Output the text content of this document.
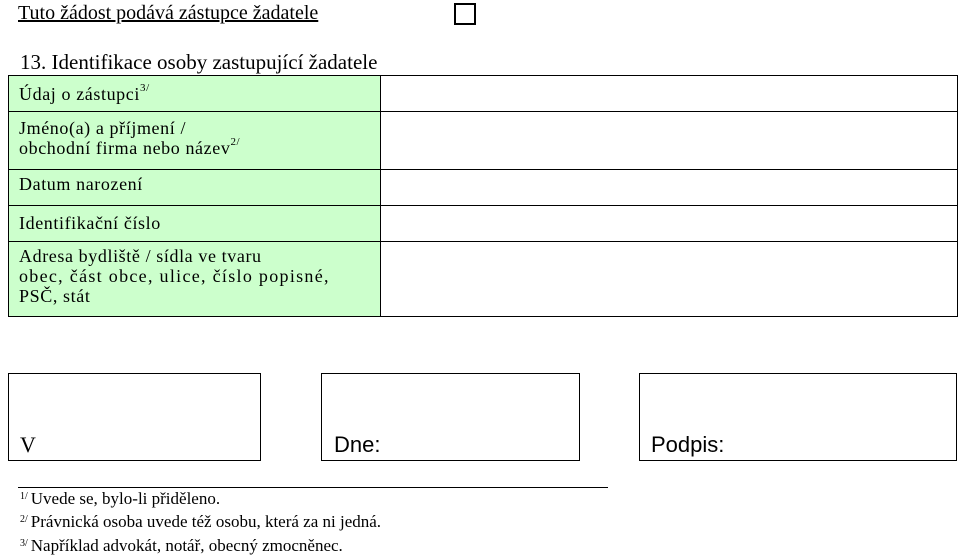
Tuto žádost podává zástupce žadatele
13. Identifikace osoby zastupující žadatele
Údaj o zástupci$^{3/}$
Jméno(a) a příjmení /
obchodní firma nebo název$^{2/}$
Datum narození
Identifikační číslo
Adresa bydliště / sídla ve tvaru
obec, část obce, ulice, číslo popisné,
PSČ, stát
V	Dne:	Podpis:
$^{1/}$ Uvede se, bylo-li přiděleno.
$^{2/}$ Právnická osoba uvede též osobu, která za ni jedná.
$^{3/}$ Například advokát, notář, obecný zmocněnec.
